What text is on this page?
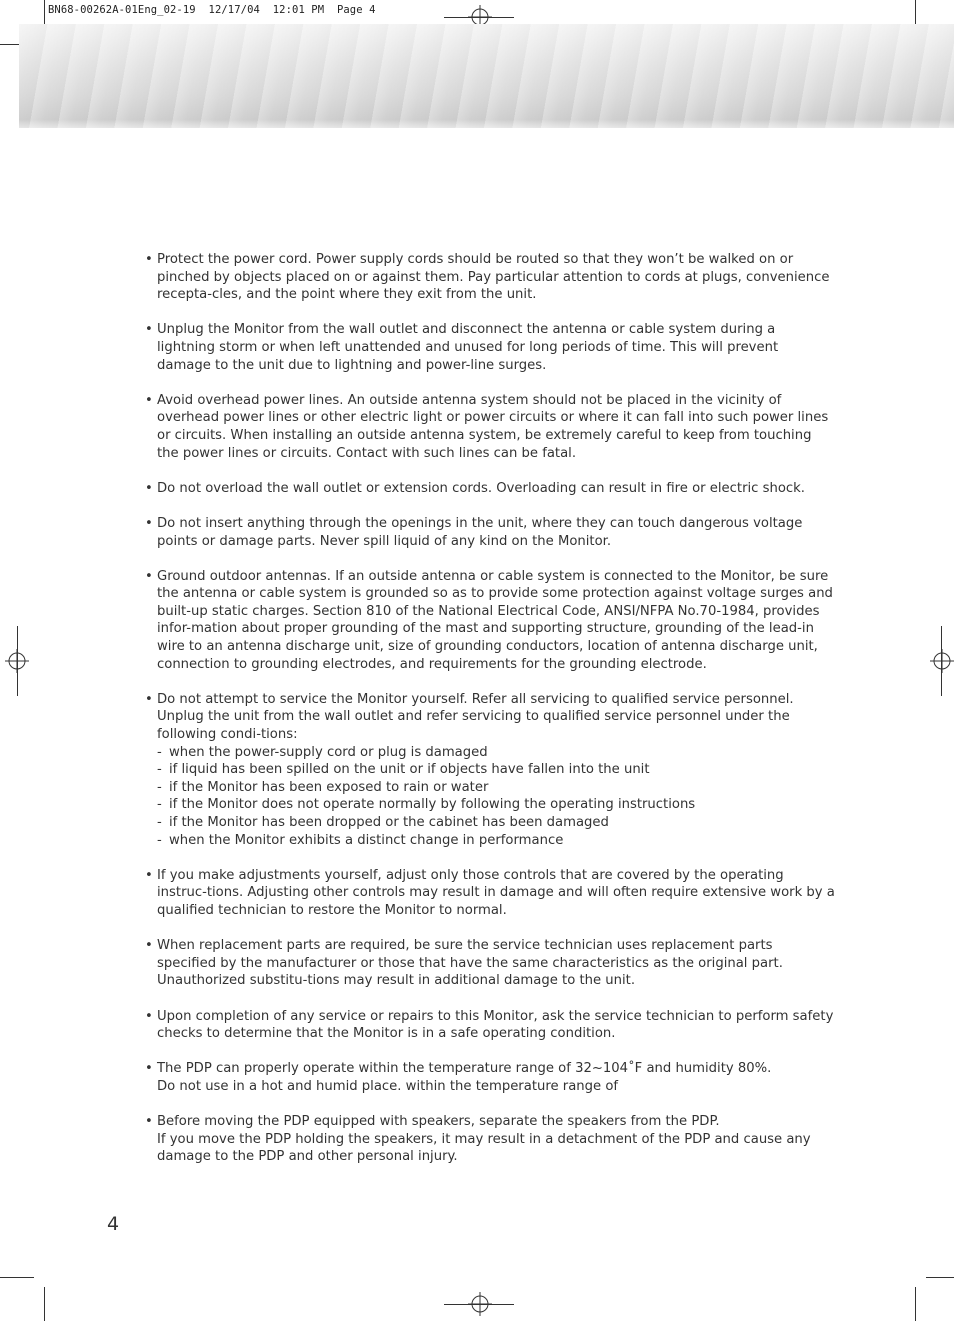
BN68-00262A-01Eng_02-19  12/17/04  12:01 PM  Page 4
• Protect the power cord. Power supply cords should be routed so that they won’t be walked on or pinched by objects placed on or against them. Pay particular attention to cords at plugs, convenience recepta-cles, and the point where they exit from the unit.

• Unplug the Monitor from the wall outlet and disconnect the antenna or cable system during a lightning storm or when left unattended and unused for long periods of time. This will prevent damage to the unit due to lightning and power-line surges.

• Avoid overhead power lines. An outside antenna system should not be placed in the vicinity of overhead power lines or other electric light or power circuits or where it can fall into such power lines or circuits. When installing an outside antenna system, be extremely careful to keep from touching the power lines or circuits. Contact with such lines can be fatal.

• Do not overload the wall outlet or extension cords. Overloading can result in fire or electric shock.

• Do not insert anything through the openings in the unit, where they can touch dangerous voltage points or damage parts. Never spill liquid of any kind on the Monitor.

• Ground outdoor antennas. If an outside antenna or cable system is connected to the Monitor, be sure the antenna or cable system is grounded so as to provide some protection against voltage surges and built-up static charges. Section 810 of the National Electrical Code, ANSI/NFPA No.70-1984, provides infor-mation about proper grounding of the mast and supporting structure, grounding of the lead-in wire to an antenna discharge unit, size of grounding conductors, location of antenna discharge unit, connection to grounding electrodes, and requirements for the grounding electrode.

• Do not attempt to service the Monitor yourself. Refer all servicing to qualified service personnel. Unplug the unit from the wall outlet and refer servicing to qualified service personnel under the following condi-tions:

- when the power-supply cord or plug is damaged
- if liquid has been spilled on the unit or if objects have fallen into the unit
- if the Monitor has been exposed to rain or water
- if the Monitor does not operate normally by following the operating instructions
- if the Monitor has been dropped or the cabinet has been damaged
- when the Monitor exhibits a distinct change in performance
• If you make adjustments yourself, adjust only those controls that are covered by the operating instruc-tions. Adjusting other controls may result in damage and will often require extensive work by a qualified technician to restore the Monitor to normal.

• When replacement parts are required, be sure the service technician uses replacement parts specified by the manufacturer or those that have the same characteristics as the original part. Unauthorized substitu-tions may result in additional damage to the unit.

• Upon completion of any service or repairs to this Monitor, ask the service technician to perform safety checks to determine that the Monitor is in a safe operating condition.

• The PDP can properly operate within the temperature range of 32~104˚F and humidity 80%.

Do not use in a hot and humid place. within the temperature range of

• Before moving the PDP equipped with speakers, separate the speakers from the PDP.

If you move the PDP holding the speakers, it may result in a detachment of the PDP and cause any damage to the PDP and other personal injury.

4
